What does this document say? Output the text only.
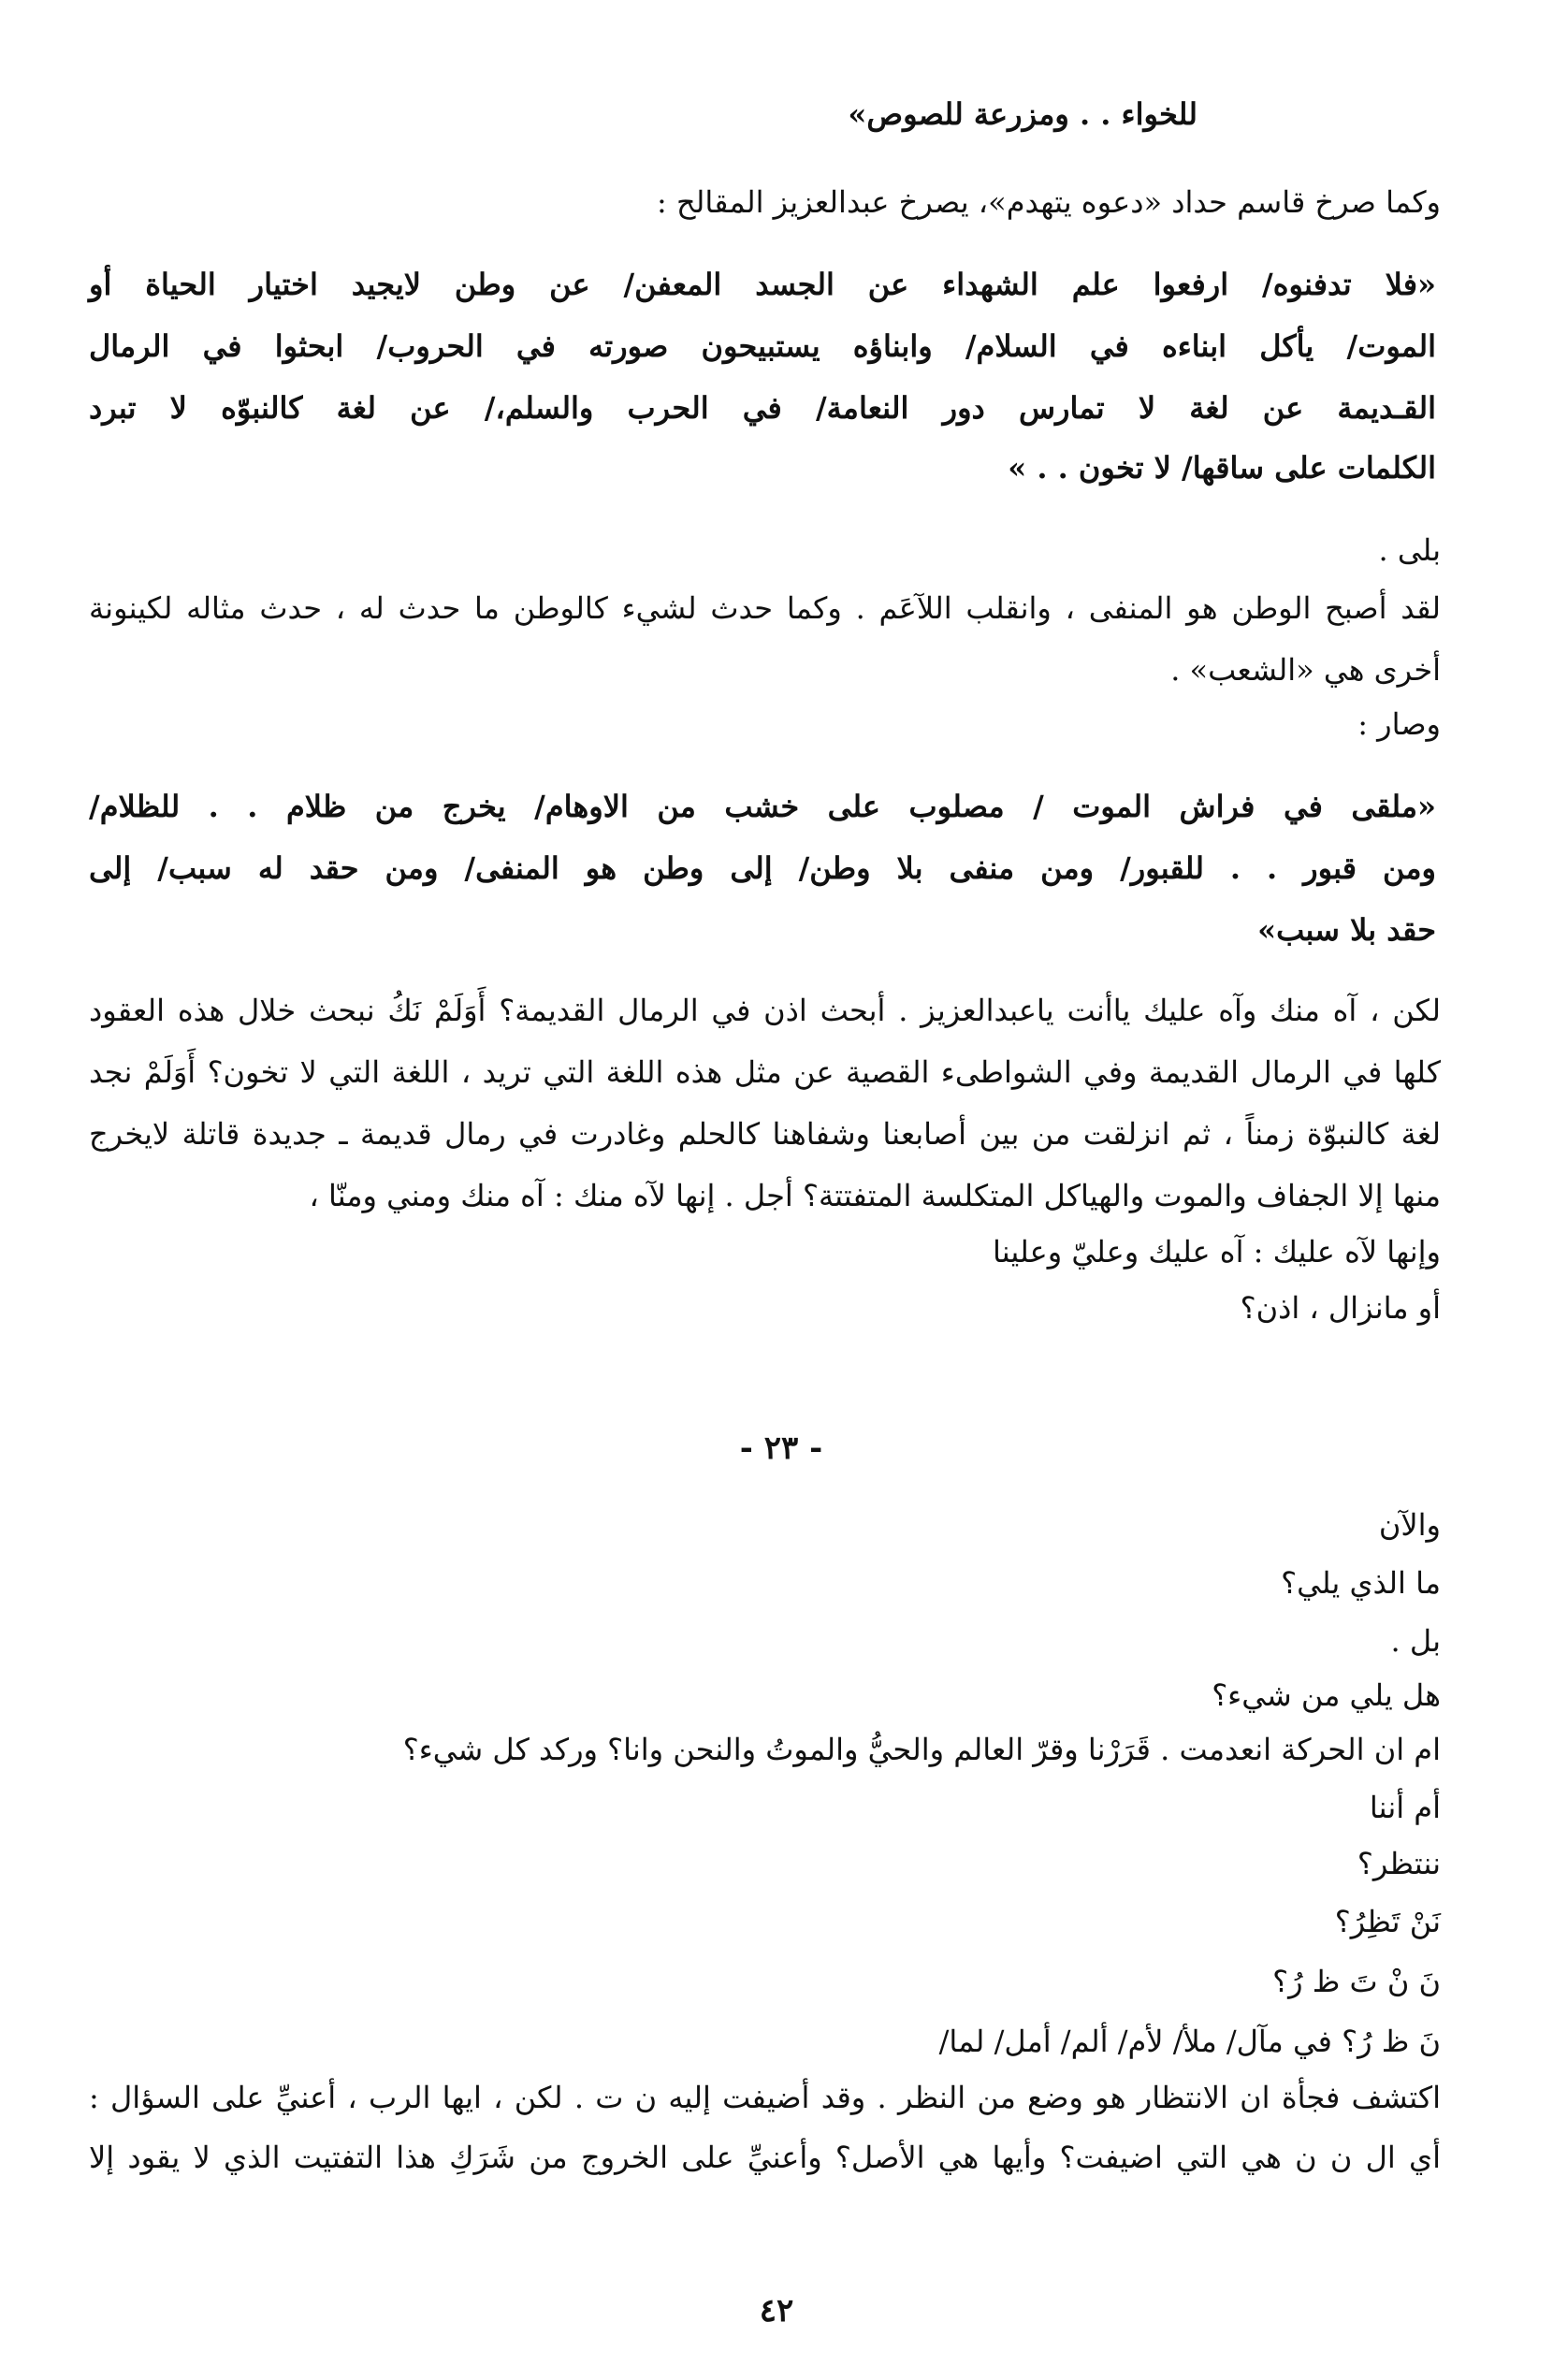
للخواء . . ومزرعة للصوص»
وكما صرخ قاسم حداد «دعوه يتهدم»، يصرخ عبدالعزيز المقالح :
«فلا تدفنوه/ ارفعوا علم الشهداء عن الجسد المعفن/ عن وطن لايجيد اختيار الحياة أو
الموت/ يأكل ابناءه في السلام/ وابناؤه يستبيحون صورته في الحروب/ ابحثوا في الرمال
القـديمة عن لغة لا تمارس دور النعامة/ في الحرب والسلم،/ عن لغة كالنبوّه لا تبرد
الكلمات على ساقها/ لا تخون . . »
بلى .
لقد أصبح الوطن هو المنفى ، وانقلب اللآعَم . وكما حدث لشيء كالوطن ما حدث له ، حدث مثاله لكينونة
أخرى هي «الشعب» .
وصار :
«ملقى في فراش الموت / مصلوب على خشب من الاوهام/ يخرج من ظلام . . للظلام/
ومن قبور . . للقبور/ ومن منفى بلا وطن/ إلى وطن هو المنفى/ ومن حقد له سبب/ إلى
حقد بلا سبب»
لكن ، آه منك وآه عليك ياأنت ياعبدالعزيز . أبحث اذن في الرمال القديمة؟ أَوَلَمْ نَكُ نبحث خلال هذه العقود
كلها في الرمال القديمة وفي الشواطىء القصية عن مثل هذه اللغة التي تريد ، اللغة التي لا تخون؟ أَوَلَمْ نجد
لغة كالنبوّة زمناً ، ثم انزلقت من بين أصابعنا وشفاهنا كالحلم وغادرت في رمال قديمة ـ جديدة قاتلة لايخرج
منها إلا الجفاف والموت والهياكل المتكلسة المتفتتة؟ أجل . إنها لآه منك : آه منك ومني ومنّا ،
وإنها لآه عليك : آه عليك وعليّ وعلينا
أو مانزال ، اذن؟
- ٢٣ -
والآن
ما الذي يلي؟
بل .
هل يلي من شيء؟
ام ان الحركة انعدمت . قَرَرْنا وقرّ العالم والحيُّ والموتُ والنحن وانا؟ وركد كل شيء؟
أم أننا
ننتظر؟
نَنْ تَظِرُ؟
نَ نْ تَ ظ رُ؟
نَ ظ رُ؟ في مآل/ ملأ/ لأم/ ألم/ أمل/ لما/
اكتشف فجأة ان الانتظار هو وضع من النظر . وقد أضيفت إليه ن ت . لكن ، ايها الرب ، أعنيِّ على السؤال :
أي ال ن ن هي التي اضيفت؟ وأيها هي الأصل؟ وأعنيِّ على الخروج من شَرَكِ هذا التفتيت الذي لا يقود إلا
٤٢
